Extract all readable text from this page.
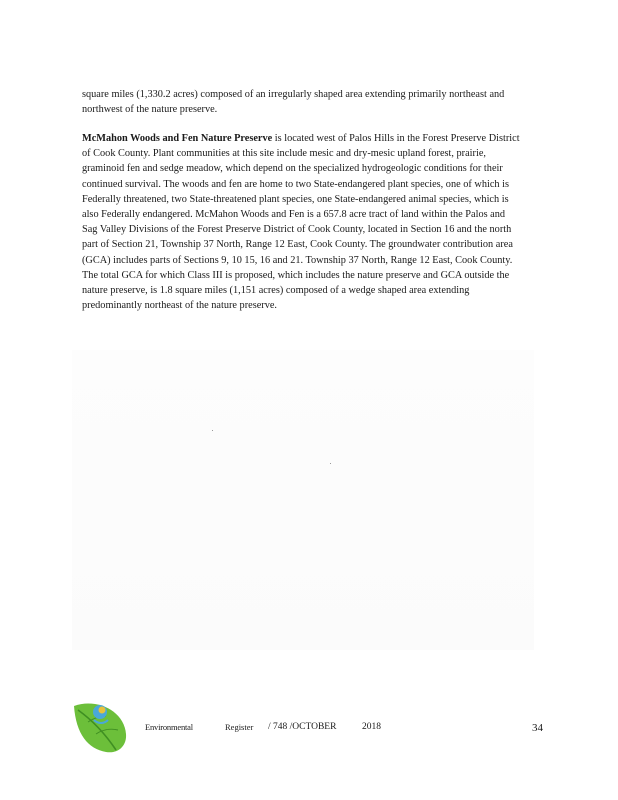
square miles (1,330.2 acres) composed of an irregularly shaped area extending primarily northeast and northwest of the nature preserve.

McMahon Woods and Fen Nature Preserve is located west of Palos Hills in the Forest Preserve District of Cook County. Plant communities at this site include mesic and dry-mesic upland forest, prairie, graminoid fen and sedge meadow, which depend on the specialized hydrogeologic conditions for their continued survival. The woods and fen are home to two State-endangered plant species, one of which is Federally threatened, two State-threatened plant species, one State-endangered animal species, which is also Federally endangered. McMahon Woods and Fen is a 657.8 acre tract of land within the Palos and Sag Valley Divisions of the Forest Preserve District of Cook County, located in Section 16 and the north part of Section 21, Township 37 North, Range 12 East, Cook County. The groundwater contribution area (GCA) includes parts of Sections 9, 10 15, 16 and 21. Township 37 North, Range 12 East, Cook County. The total GCA for which Class III is proposed, which includes the nature preserve and GCA outside the nature preserve, is 1.8 square miles (1,151 acres) composed of a wedge shaped area extending predominantly northeast of the nature preserve.

Environmental	Register / 748 /OCTOBER	2018	34
